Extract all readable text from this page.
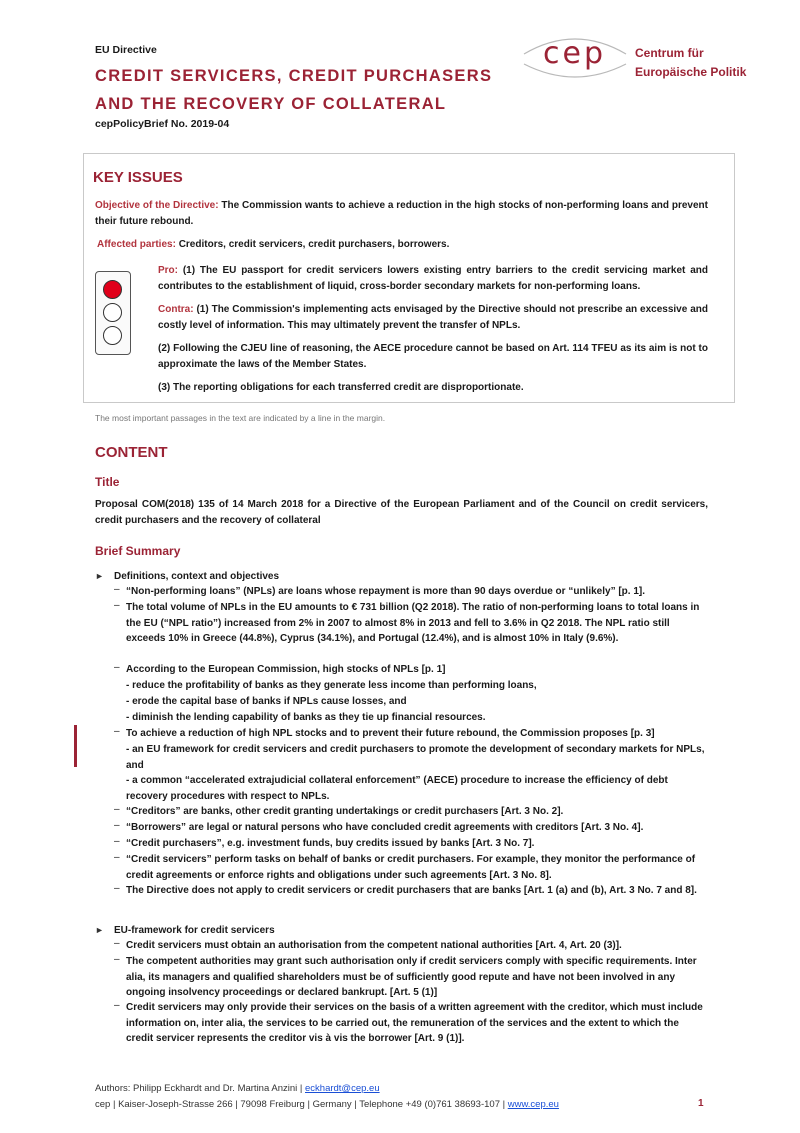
EU Directive
CREDIT SERVICERS, CREDIT PURCHASERS
AND THE RECOVERY OF COLLATERAL
cepPolicyBrief No. 2019-04
cep Centrum für
Europäische Politik
KEY ISSUES
Objective of the Directive: The Commission wants to achieve a reduction in the high stocks of non-performing loans and prevent their future rebound.
Affected parties: Creditors, credit servicers, credit purchasers, borrowers.
Pro: (1) The EU passport for credit servicers lowers existing entry barriers to the credit servicing market and contributes to the establishment of liquid, cross-border secondary markets for non-performing loans.
Contra: (1) The Commission's implementing acts envisaged by the Directive should not prescribe an excessive and costly level of information. This may ultimately prevent the transfer of NPLs.
(2) Following the CJEU line of reasoning, the AECE procedure cannot be based on Art. 114 TFEU as its aim is not to approximate the laws of the Member States.
(3) The reporting obligations for each transferred credit are disproportionate.
The most important passages in the text are indicated by a line in the margin.
CONTENT
Title
Proposal COM(2018) 135 of 14 March 2018 for a Directive of the European Parliament and of the Council on credit servicers, credit purchasers and the recovery of collateral
Brief Summary
► Definitions, context and objectives
– “Non-performing loans” (NPLs) are loans whose repayment is more than 90 days overdue or “unlikely” [p. 1].
– The total volume of NPLs in the EU amounts to € 731 billion (Q2 2018). The ratio of non-performing loans to total loans in the EU (“NPL ratio”) increased from 2% in 2007 to almost 8% in 2013 and fell to 3.6% in Q2 2018. The NPL ratio still exceeds 10% in Greece (44.8%), Cyprus (34.1%), and Portugal (12.4%), and is almost 10% in Italy (9.6%).
– According to the European Commission, high stocks of NPLs [p. 1]
- reduce the profitability of banks as they generate less income than performing loans,
- erode the capital base of banks if NPLs cause losses, and
- diminish the lending capability of banks as they tie up financial resources.
– To achieve a reduction of high NPL stocks and to prevent their future rebound, the Commission proposes [p. 3]
- an EU framework for credit servicers and credit purchasers to promote the development of secondary markets for NPLs, and
- a common “accelerated extrajudicial collateral enforcement” (AECE) procedure to increase the efficiency of debt recovery procedures with respect to NPLs.
– “Creditors” are banks, other credit granting undertakings or credit purchasers [Art. 3 No. 2].
– “Borrowers” are legal or natural persons who have concluded credit agreements with creditors [Art. 3 No. 4].
– “Credit purchasers”, e.g. investment funds, buy credits issued by banks [Art. 3 No. 7].
– “Credit servicers” perform tasks on behalf of banks or credit purchasers. For example, they monitor the performance of credit agreements or enforce rights and obligations under such agreements [Art. 3 No. 8].
– The Directive does not apply to credit servicers or credit purchasers that are banks [Art. 1 (a) and (b), Art. 3 No. 7 and 8].
► EU-framework for credit servicers
– Credit servicers must obtain an authorisation from the competent national authorities [Art. 4, Art. 20 (3)].
– The competent authorities may grant such authorisation only if credit servicers comply with specific requirements. Inter alia, its managers and qualified shareholders must be of sufficiently good repute and have not been involved in any ongoing insolvency proceedings or declared bankrupt. [Art. 5 (1)]
– Credit servicers may only provide their services on the basis of a written agreement with the creditor, which must include information on, inter alia, the services to be carried out, the remuneration of the services and the extent to which the credit servicer represents the creditor vis à vis the borrower [Art. 9 (1)].
Authors: Philipp Eckhardt and Dr. Martina Anzini | eckhardt@cep.eu
cep | Kaiser-Joseph-Strasse 266 | 79098 Freiburg | Germany | Telephone +49 (0)761 38693-107 | www.cep.eu	1
